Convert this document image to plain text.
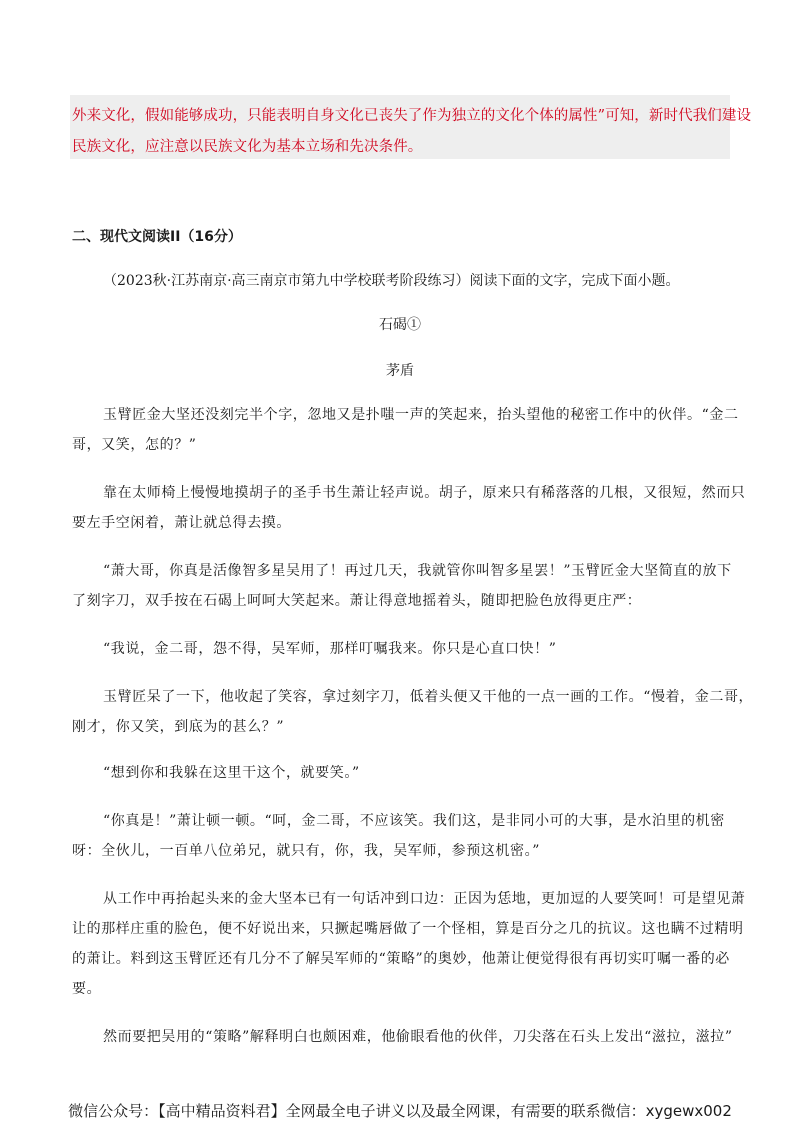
外来文化，假如能够成功，只能表明自身文化已丧失了作为独立的文化个体的属性”可知，新时代我们建设
民族文化，应注意以民族文化为基本立场和先决条件。
二、现代文阅读II（16分）
（2023秋·江苏南京·高三南京市第九中学校联考阶段练习）阅读下面的文字，完成下面小题。
石碣①
茅盾
玉臂匠金大坚还没刻完半个字，忽地又是扑嗤一声的笑起来，抬头望他的秘密工作中的伙伴。“金二
哥，又笑，怎的？”
靠在太师椅上慢慢地摸胡子的圣手书生萧让轻声说。胡子，原来只有稀落落的几根，又很短，然而只
要左手空闲着，萧让就总得去摸。
“萧大哥，你真是活像智多星吴用了！再过几天，我就管你叫智多星罢！”玉臂匠金大坚简直的放下
了刻字刀，双手按在石碣上呵呵大笑起来。萧让得意地摇着头，随即把脸色放得更庄严：
“我说，金二哥，怨不得，吴军师，那样叮嘱我来。你只是心直口快！”
玉臂匠呆了一下，他收起了笑容，拿过刻字刀，低着头便又干他的一点一画的工作。“慢着，金二哥，
刚才，你又笑，到底为的甚么？”
“想到你和我躲在这里干这个，就要笑。”
“你真是！”萧让顿一顿。“呵，金二哥，不应该笑。我们这，是非同小可的大事，是水泊里的机密
呀：全伙儿，一百单八位弟兄，就只有，你，我，吴军师，参预这机密。”
从工作中再抬起头来的金大坚本已有一句话冲到口边：正因为恁地，更加逗的人要笑呵！可是望见萧
让的那样庄重的脸色，便不好说出来，只撅起嘴唇做了一个怪相，算是百分之几的抗议。这也瞒不过精明
的萧让。料到这玉臂匠还有几分不了解吴军师的“策略”的奥妙，他萧让便觉得很有再切实叮嘱一番的必
要。
然而要把吴用的“策略”解释明白也颇困难，他偷眼看他的伙伴，刀尖落在石头上发出“滋拉，滋拉”
微信公众号：【高中精品资料君】全网最全电子讲义以及最全网课，有需要的联系微信：xygewx002
